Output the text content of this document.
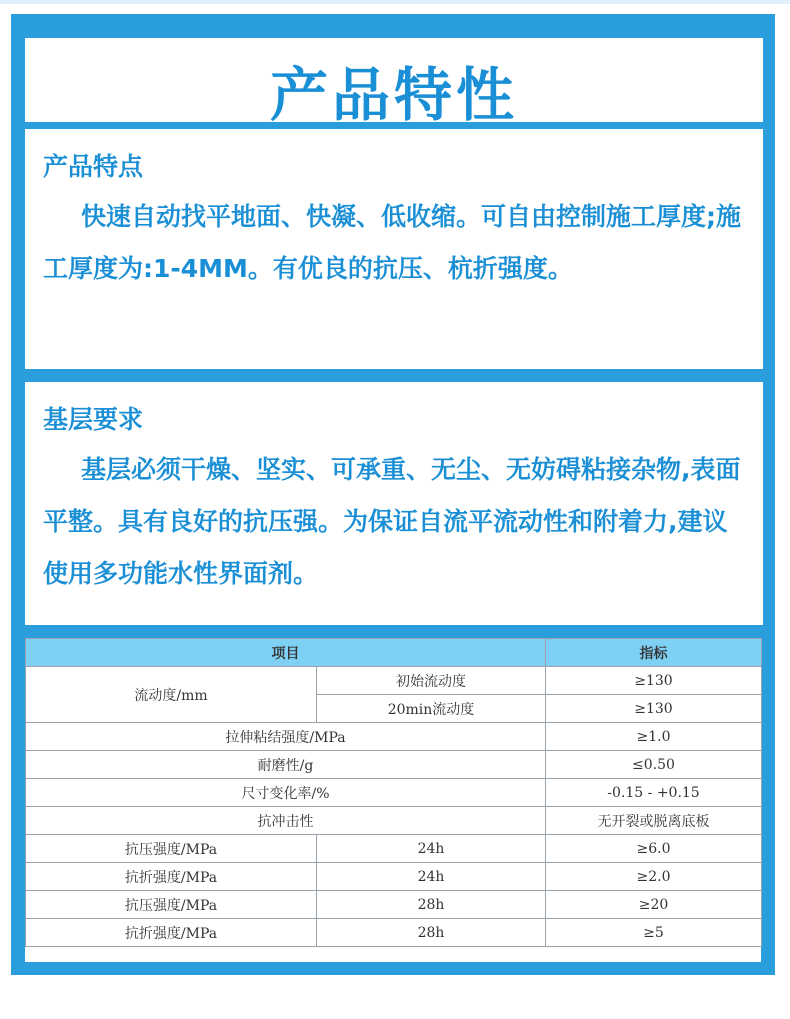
产品特性
产品特点
快速自动找平地面、快凝、低收缩。可自由控制施工厚度;施工厚度为:1-4MM。有优良的抗压、杭折强度。
基层要求
基层必须干燥、坚实、可承重、无尘、无妨碍粘接杂物,表面平整。具有良好的抗压强。为保证自流平流动性和附着力,建议使用多功能水性界面剂。
项目		指标
流动度/mm	初始流动度	≥130
	20min流动度	≥130
拉伸粘结强度/MPa		≥1.0
耐磨性/g		≤0.50
尺寸变化率/%		-0.15 - +0.15
抗冲击性		无开裂或脱离底板
抗压强度/MPa	24h	≥6.0
抗折强度/MPa	24h	≥2.0
抗压强度/MPa	28h	≥20
抗折强度/MPa	28h	≥5
